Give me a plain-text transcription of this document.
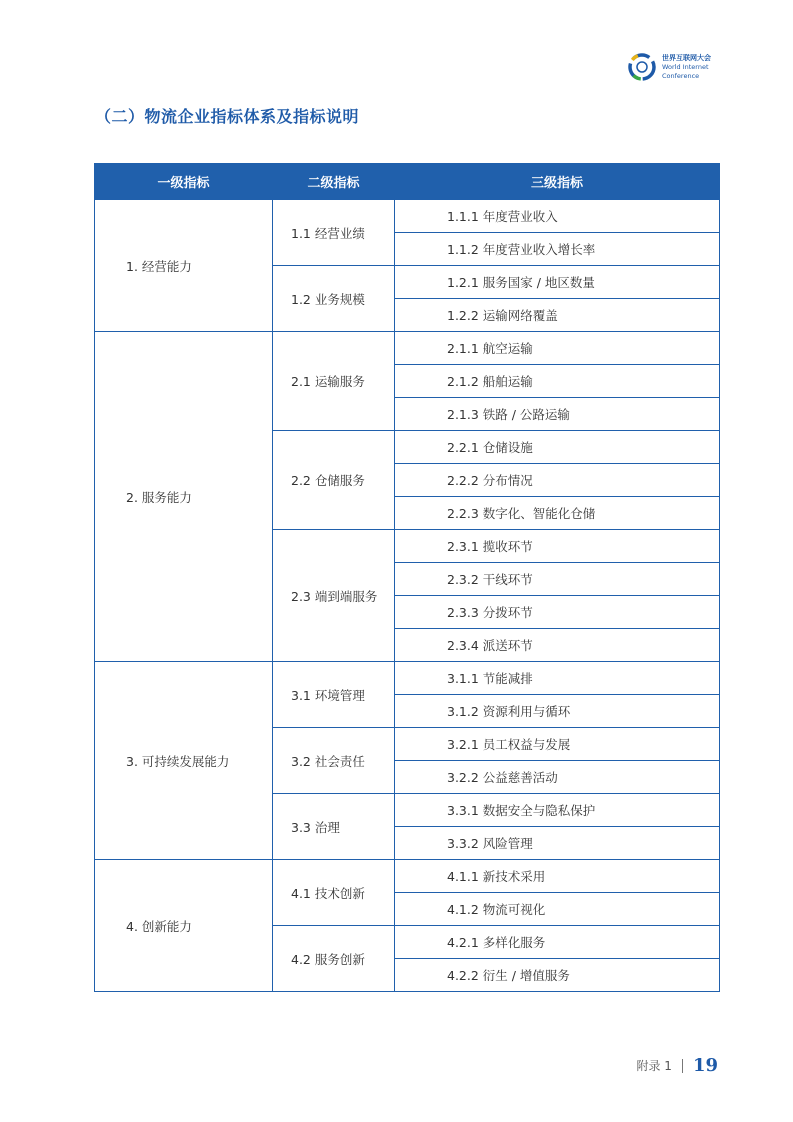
世界互联网大会
World Internet
Conference
（二）物流企业指标体系及指标说明
一级指标	二级指标	三级指标
1. 经营能力	1.1 经营业绩	1.1.1 年度营业收入
		1.1.2 年度营业收入增长率
	1.2 业务规模	1.2.1 服务国家 / 地区数量
		1.2.2 运输网络覆盖
2. 服务能力	2.1 运输服务	2.1.1 航空运输
		2.1.2 船舶运输
		2.1.3 铁路 / 公路运输
	2.2 仓储服务	2.2.1 仓储设施
		2.2.2 分布情况
		2.2.3 数字化、智能化仓储
	2.3 端到端服务	2.3.1 揽收环节
		2.3.2 干线环节
		2.3.3 分拨环节
		2.3.4 派送环节
3. 可持续发展能力	3.1 环境管理	3.1.1 节能减排
		3.1.2 资源利用与循环
	3.2 社会责任	3.2.1 员工权益与发展
		3.2.2 公益慈善活动
	3.3 治理	3.3.1 数据安全与隐私保护
		3.3.2 风险管理
4. 创新能力	4.1 技术创新	4.1.1 新技术采用
		4.1.2 物流可视化
	4.2 服务创新	4.2.1 多样化服务
		4.2.2 衍生 / 增值服务
附录 1 19
